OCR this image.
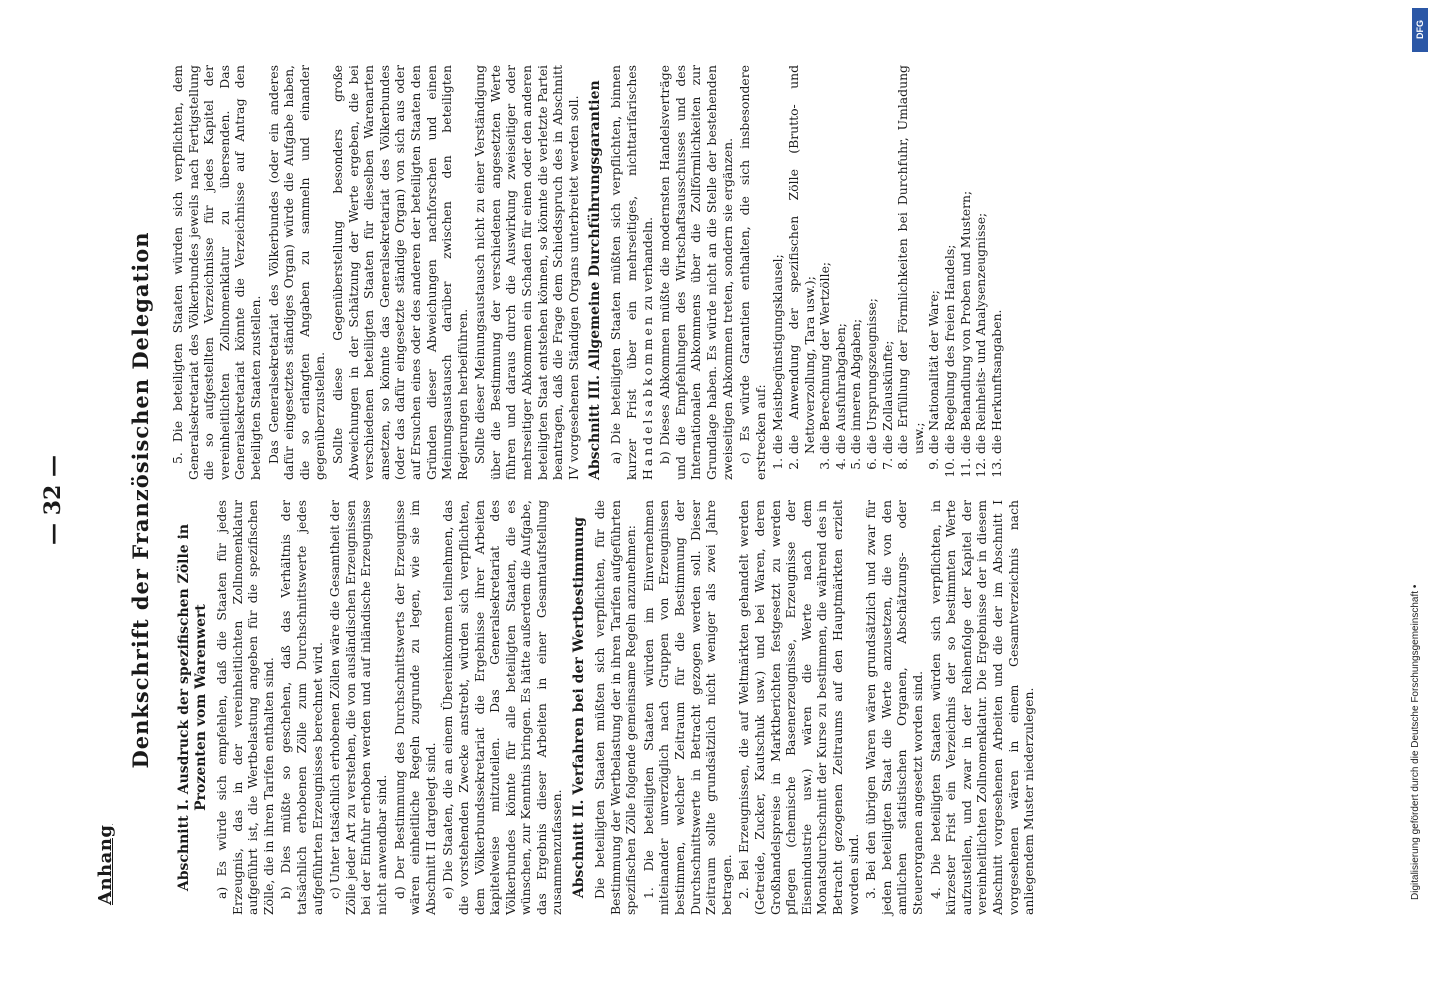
— 32 —
Anhang
Denkschrift der Französischen Delegation Abschnitt I. Ausdruck der spezifischen Zölle in Prozenten vom Warenwert a) Es würde sich empfehlen, daß die Staaten für jedes Erzeugnis, das in der vereinheitlichten Zollnomenklatur aufgeführt ist, die Wertbelastung angeben für die spezifischen Zölle, die in ihren Tarifen enthalten sind. b) Dies müßte so geschehen, daß das Verhältnis der tatsächlich erhobenen Zölle zum Durchschnittswerte jedes aufgeführten Erzeugnisses berechnet wird. c) Unter tatsächlich erhobenen Zöllen wäre die Gesamtheit der Zölle jeder Art zu verstehen, die von ausländischen Erzeugnissen bei der Einfuhr erhoben werden und auf inländische Erzeugnisse nicht anwendbar sind. d) Der Bestimmung des Durchschnittswerts der Erzeugnisse wären einheitliche Regeln zugrunde zu legen, wie sie im Abschnitt II dargelegt sind. e) Die Staaten, die an einem Übereinkommen teilnehmen, das die vorstehenden Zwecke anstrebt, würden sich verpflichten, dem Völkerbundssekretariat die Ergebnisse ihrer Arbeiten kapitelweise mitzuteilen. Das Generalsekretariat des Völkerbundes könnte für alle beteiligten Staaten, die es wünschen, zur Kenntnis bringen. Es hätte außerdem die Aufgabe, das Ergebnis dieser Arbeiten in einer Gesamtaufstellung zusammenzufassen. Abschnitt II. Verfahren bei der Wertbestimmung Die beteiligten Staaten müßten sich verpflichten, für die Bestimmung der Wertbelastung der in ihren Tarifen aufgeführten spezifischen Zölle folgende gemeinsame Regeln anzunehmen: 1. Die beteiligten Staaten würden im Einvernehmen miteinander unverzüglich nach Gruppen von Erzeugnissen bestimmen, welcher Zeitraum für die Bestimmung der Durchschnittswerte in Betracht gezogen werden soll. Dieser Zeitraum sollte grundsätzlich nicht weniger als zwei Jahre betragen. 2. Bei Erzeugnissen, die auf Weltmärkten gehandelt werden (Getreide, Zucker, Kautschuk usw.) und bei Waren, deren Großhandelspreise in Marktberichten festgesetzt zu werden pflegen (chemische Basenerzeugnisse, Erzeugnisse der Eisenindustrie usw.) wären die Werte nach dem Monatsdurchschnitt der Kurse zu bestimmen, die während des in Betracht gezogenen Zeitraums auf den Hauptmärkten erzielt worden sind. 3. Bei den übrigen Waren wären grundsätzlich und zwar für jeden beteiligten Staat die Werte anzusetzen, die von den amtlichen statistischen Organen, Abschätzungs- oder Steuerorganen angesetzt worden sind. 4. Die beteiligten Staaten würden sich verpflichten, in kürzester Frist ein Verzeichnis der so bestimmten Werte aufzustellen, und zwar in der Reihenfolge der Kapitel der vereinheitlichten Zollnomenklatur. Die Ergebnisse der in diesem Abschnitt vorgesehenen Arbeiten und die der im Abschnitt I vorgesehenen wären in einem Gesamtverzeichnis nach anliegendem Muster niederzulegen.

5. Die beteiligten Staaten würden sich verpflichten, dem Generalsekretariat des Völkerbundes jeweils nach Fertigstellung die so aufgestellten Verzeichnisse für jedes Kapitel der vereinheitlichten Zollnomenklatur zu übersenden. Das Generalsekretariat könnte die Verzeichnisse auf Antrag den beteiligten Staaten zustellen. Das Generalsekretariat des Völkerbundes (oder ein anderes dafür eingesetztes ständiges Organ) würde die Aufgabe haben, die so erlangten Angaben zu sammeln und einander gegenüberzustellen. Sollte diese Gegenüberstellung besonders große Abweichungen in der Schätzung der Werte ergeben, die bei verschiedenen beteiligten Staaten für dieselben Warenarten ansetzen, so könnte das Generalsekretariat des Völkerbundes (oder das dafür eingesetzte ständige Organ) von sich aus oder auf Ersuchen eines oder des anderen der beteiligten Staaten den Gründen dieser Abweichungen nachforschen und einen Meinungsaustausch darüber zwischen den beteiligten Regierungen herbeiführen. Sollte dieser Meinungsaustausch nicht zu einer Verständigung über die Bestimmung der verschiedenen angesetzten Werte führen und daraus durch die Auswirkung zweiseitiger oder mehrseitiger Abkommen ein Schaden für einen oder den anderen beteiligten Staat entstehen können, so könnte die verletzte Partei beantragen, daß die Frage dem Schiedsspruch des in Abschnitt IV vorgesehenen Ständigen Organs unterbreitet werden soll. Abschnitt III. Allgemeine Durchführungsgarantien a) Die beteiligten Staaten müßten sich verpflichten, binnen kurzer Frist über ein mehrseitiges, nichttarifarisches Handelsabkommen zu verhandeln. b) Dieses Abkommen müßte die modernsten Handelsverträge und die Empfehlungen des Wirtschaftsausschusses und des Internationalen Abkommens über die Zollförmlichkeiten zur Grundlage haben. Es würde nicht an die Stelle der bestehenden zweiseitigen Abkommen treten, sondern sie ergänzen. c) Es würde Garantien enthalten, die sich insbesondere erstrecken auf: 1. die Meistbegünstigungsklausel; 2. die Anwendung der spezifischen Zölle (Brutto- und Nettoverzollung, Tara usw.); 3. die Berechnung der Wertzölle; 4. die Ausfuhrabgaben; 5. die inneren Abgaben; 6. die Ursprungszeugnisse; 7. die Zollauskünfte; 8. die Erfüllung der Förmlichkeiten bei Durchfuhr, Umladung usw.; 9. die Nationalität der Ware; 10. die Regelung des freien Handels; 11. die Behandlung von Proben und Mustern; 12. die Reinheits- und Analysenzeugnisse; 13. die Herkunftsangaben.
DFG
Digitalisierung gefördert durch die Deutsche Forschungsgemeinschaft •
